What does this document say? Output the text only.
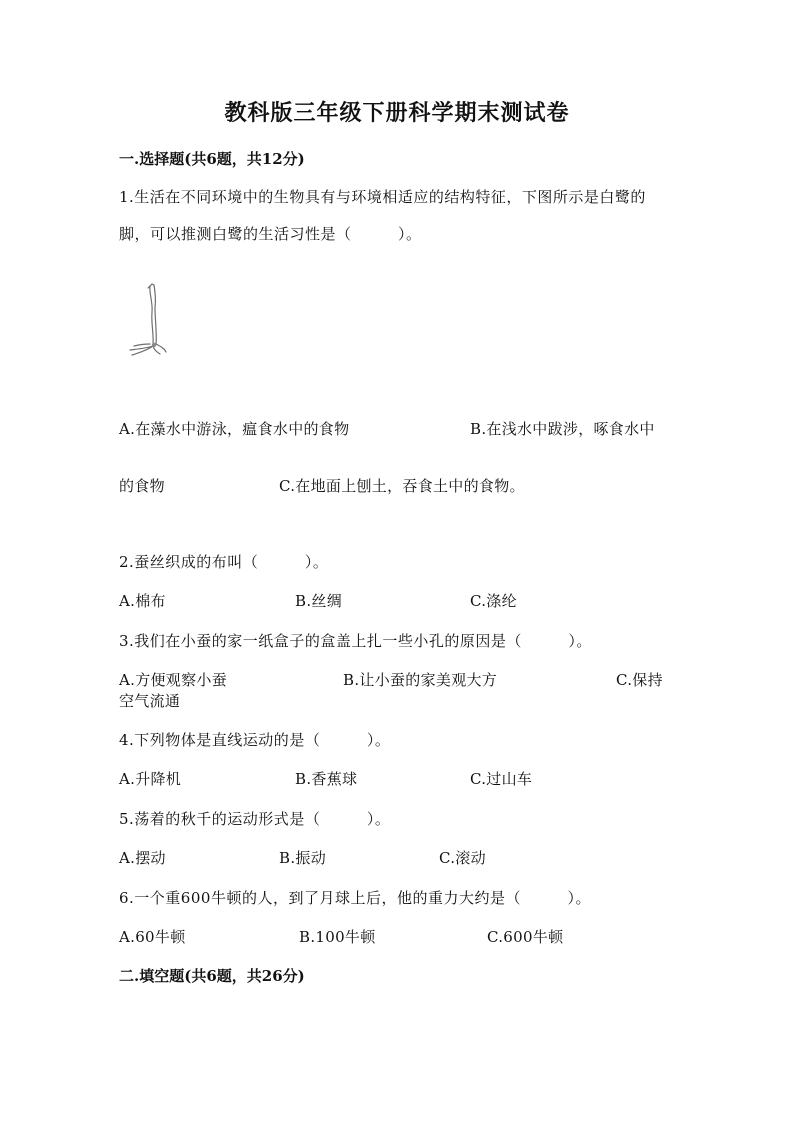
教科版三年级下册科学期末测试卷
一.选择题(共6题，共12分)
1.生活在不同环境中的生物具有与环境相适应的结构特征，下图所示是白鹭的
脚，可以推测白鹭的生活习性是（　　　）。
A.在藻水中游泳，瘟食水中的食物	B.在浅水中跋涉，啄食水中
的食物	C.在地面上刨土，吞食土中的食物。
2.蚕丝织成的布叫（　　　）。
A.棉布	B.丝绸	C.涤纶
3.我们在小蚕的家一纸盒子的盒盖上扎一些小孔的原因是（　　　）。
A.方便观察小蚕	B.让小蚕的家美观大方	C.保持
空气流通
4.下列物体是直线运动的是（　　　）。
A.升降机	B.香蕉球	C.过山车
5.荡着的秋千的运动形式是（　　　）。
A.摆动	B.振动	C.滚动
6.一个重600牛顿的人，到了月球上后，他的重力大约是（　　　）。
A.60牛顿	B.100牛顿	C.600牛顿
二.填空题(共6题，共26分)
